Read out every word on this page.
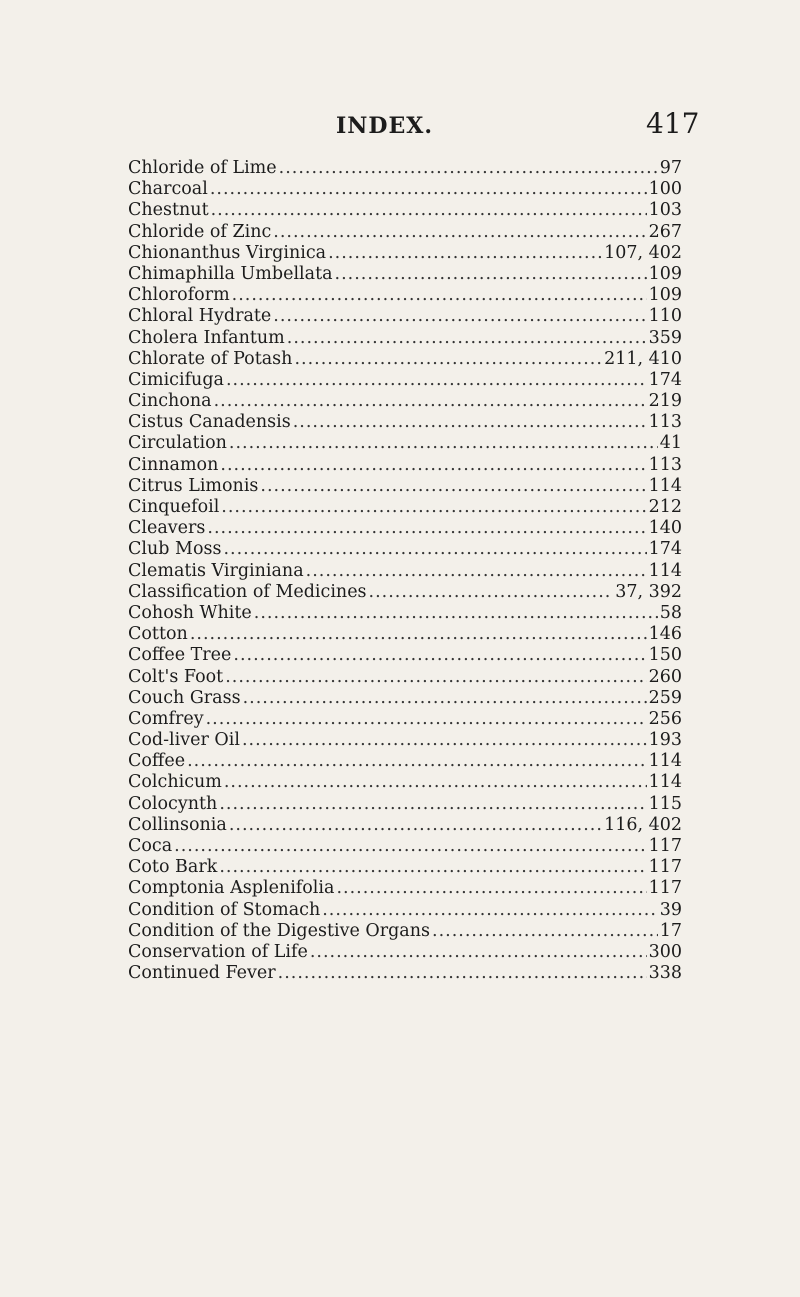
INDEX.	417
Chloride of Lime .....	97
Charcoal .....	100
Chestnut .....	103
Chloride of Zinc .....	267
Chionanthus Virginica .....	107, 402
Chimaphilla Umbellata .....	109
Chloroform .....	109
Chloral Hydrate .....	110
Cholera Infantum .....	359
Chlorate of Potash .....	211, 410
Cimicifuga .....	174
Cinchona .....	219
Cistus Canadensis .....	113
Circulation .....	41
Cinnamon .....	113
Citrus Limonis .....	114
Cinquefoil .....	212
Cleavers .....	140
Club Moss .....	174
Clematis Virginiana .....	114
Classification of Medicines .....	37, 392
Cohosh White .....	58
Cotton .....	146
Coffee Tree .....	150
Colt's Foot .....	260
Couch Grass .....	259
Comfrey .....	256
Cod-liver Oil .....	193
Coffee .....	114
Colchicum .....	114
Colocynth .....	115
Collinsonia .....	116, 402
Coca .....	117
Coto Bark .....	117
Comptonia Asplenifolia .....	117
Condition of Stomach .....	39
Condition of the Digestive Organs .....	17
Conservation of Life .....	300
Continued Fever .....	338
